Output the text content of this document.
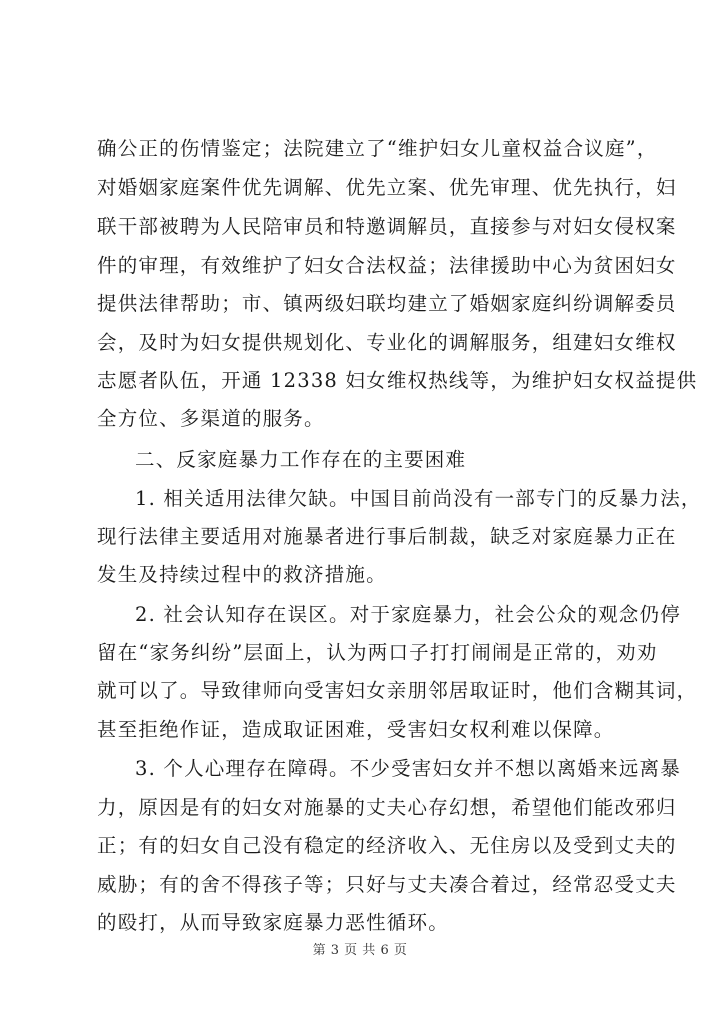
确公正的伤情鉴定；法院建立了“维护妇女儿童权益合议庭”，
对婚姻家庭案件优先调解、优先立案、优先审理、优先执行，妇
联干部被聘为人民陪审员和特邀调解员，直接参与对妇女侵权案
件的审理，有效维护了妇女合法权益；法律援助中心为贫困妇女
提供法律帮助；市、镇两级妇联均建立了婚姻家庭纠纷调解委员
会，及时为妇女提供规划化、专业化的调解服务，组建妇女维权
志愿者队伍，开通 12338 妇女维权热线等，为维护妇女权益提供
全方位、多渠道的服务。
二、反家庭暴力工作存在的主要困难
1. 相关适用法律欠缺。中国目前尚没有一部专门的反暴力法，
现行法律主要适用对施暴者进行事后制裁，缺乏对家庭暴力正在
发生及持续过程中的救济措施。
2. 社会认知存在误区。对于家庭暴力，社会公众的观念仍停
留在“家务纠纷”层面上，认为两口子打打闹闹是正常的，劝劝
就可以了。导致律师向受害妇女亲朋邻居取证时，他们含糊其词，
甚至拒绝作证，造成取证困难，受害妇女权利难以保障。
3. 个人心理存在障碍。不少受害妇女并不想以离婚来远离暴
力，原因是有的妇女对施暴的丈夫心存幻想，希望他们能改邪归
正；有的妇女自己没有稳定的经济收入、无住房以及受到丈夫的
威胁；有的舍不得孩子等；只好与丈夫凑合着过，经常忍受丈夫
的殴打，从而导致家庭暴力恶性循环。
第 3 页 共 6 页
